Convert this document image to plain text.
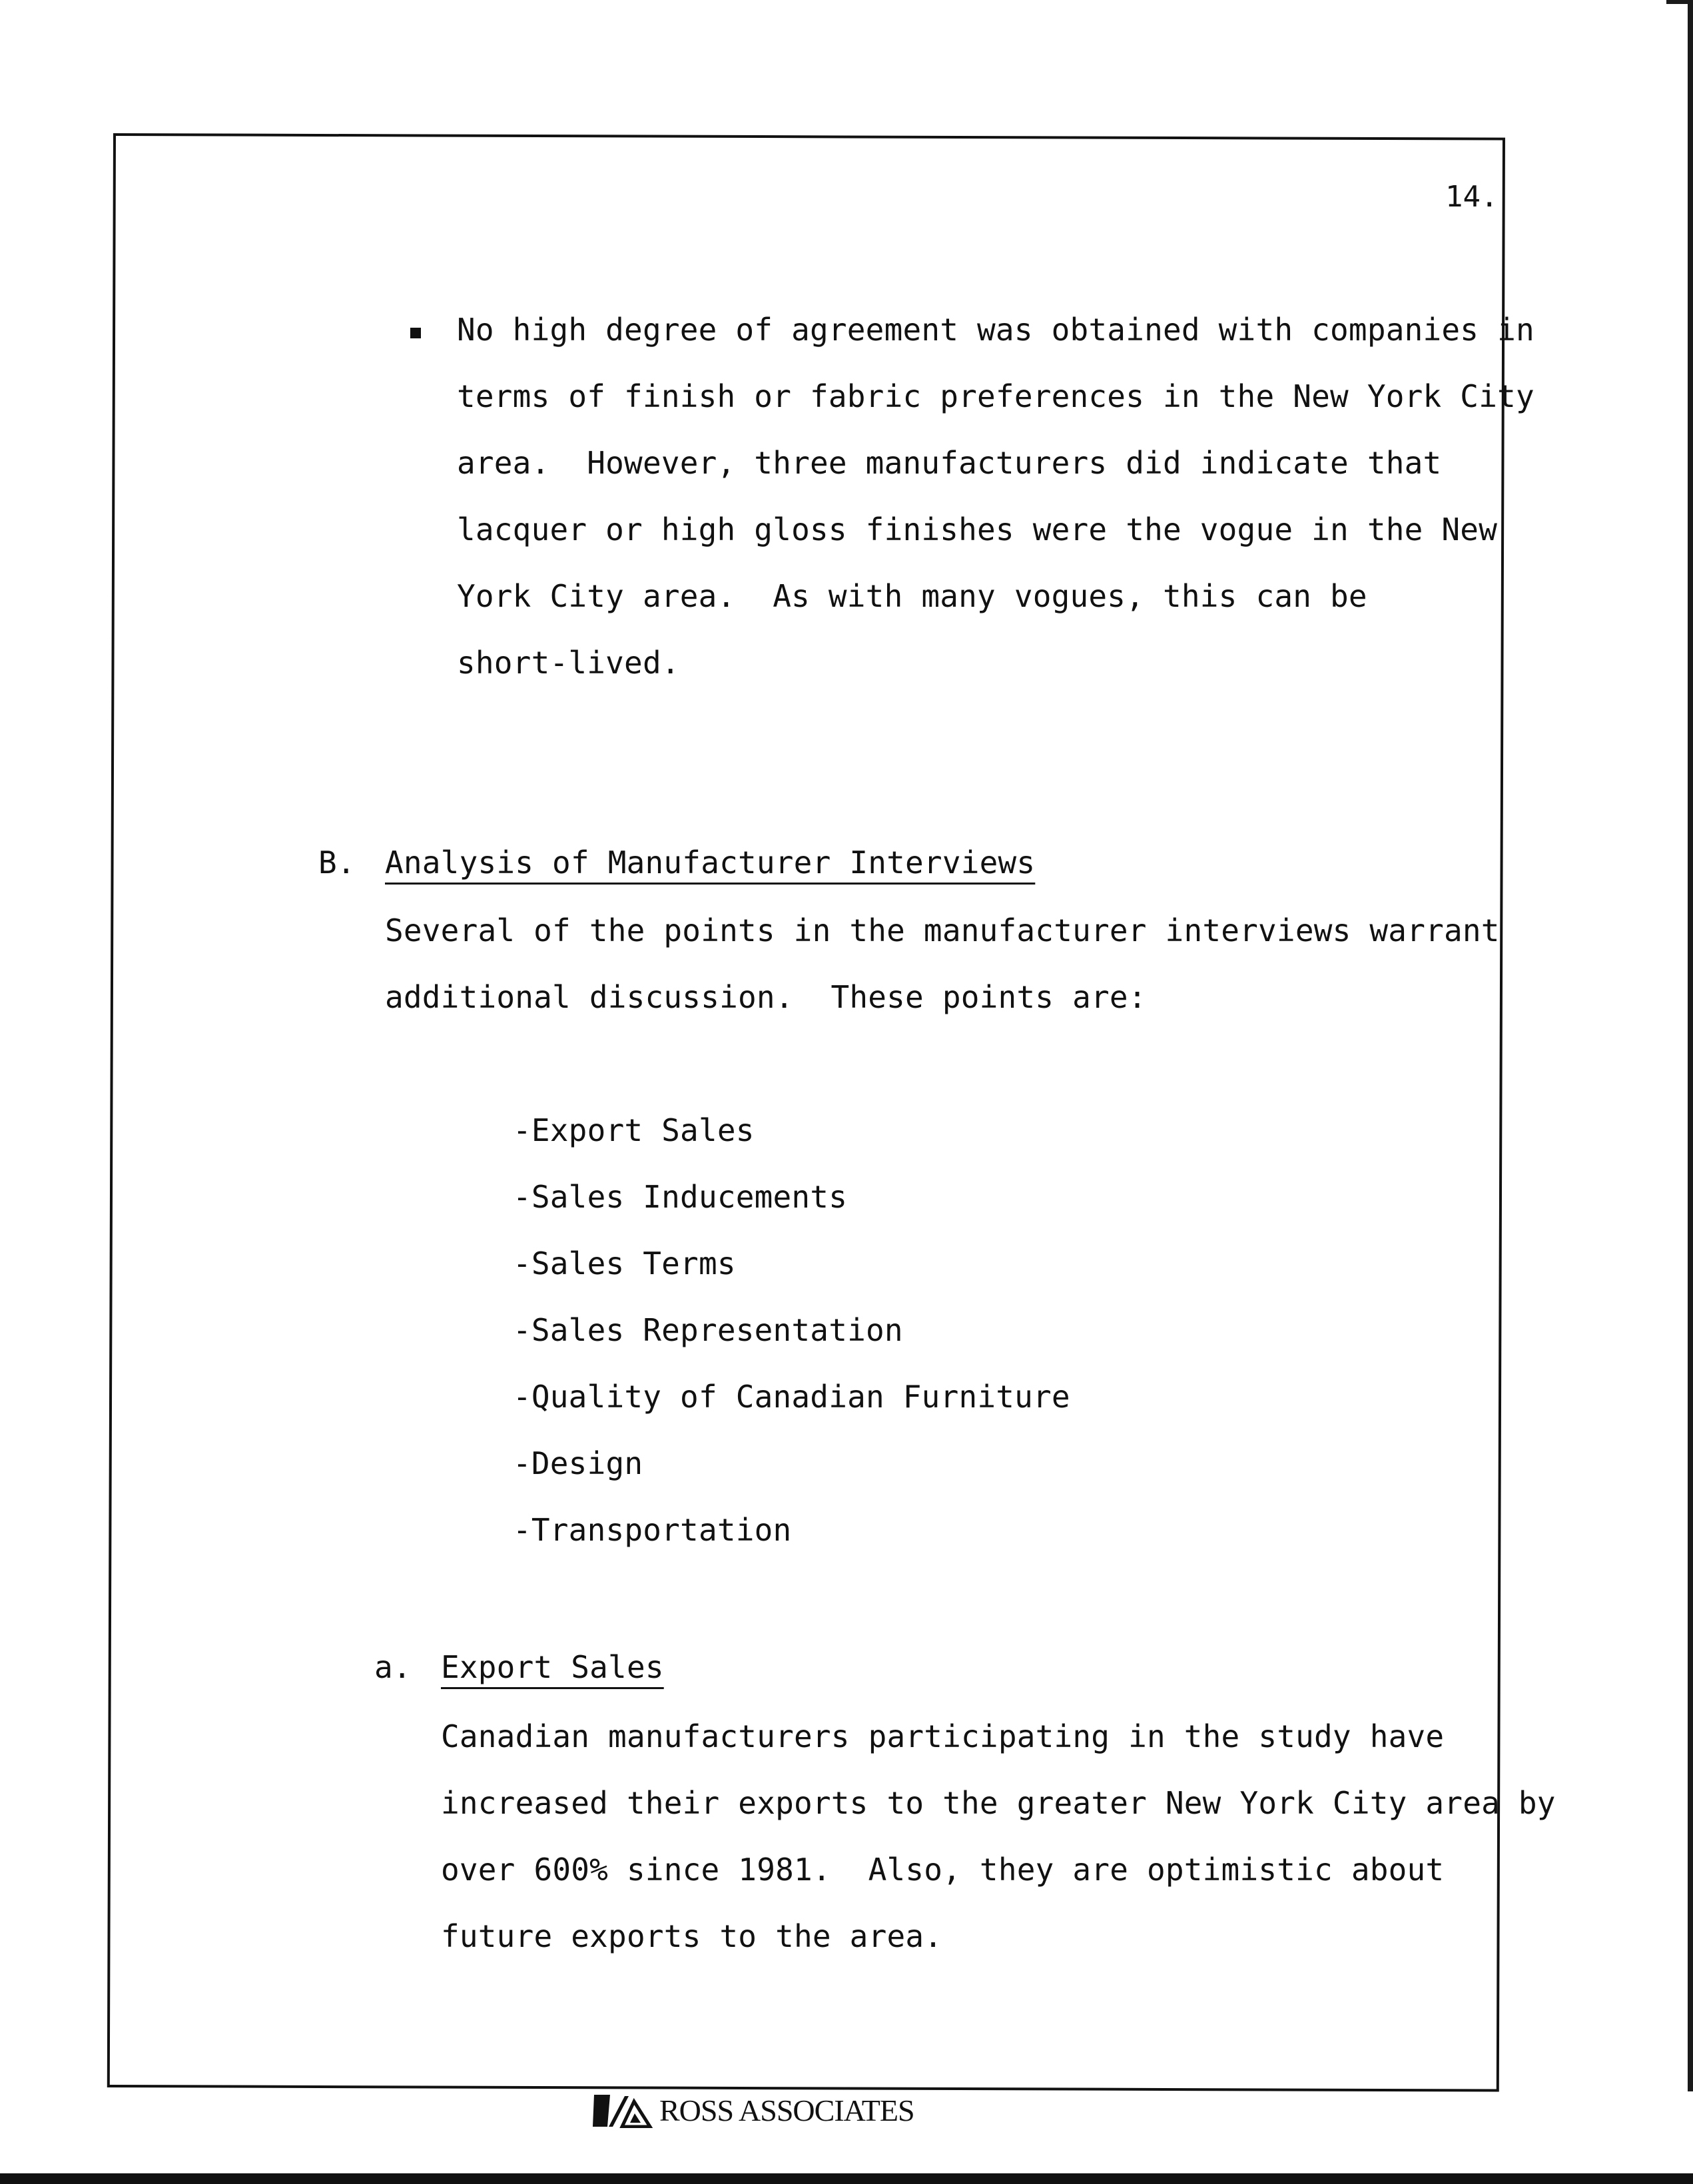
14.
No high degree of agreement was obtained with companies in
terms of finish or fabric preferences in the New York City
area.  However, three manufacturers did indicate that
lacquer or high gloss finishes were the vogue in the New
York City area.  As with many vogues, this can be
short-lived.
B. Analysis of Manufacturer Interviews
Several of the points in the manufacturer interviews warrant
additional discussion.  These points are:
-Export Sales
-Sales Inducements
-Sales Terms
-Sales Representation
-Quality of Canadian Furniture
-Design
-Transportation
a. Export Sales
Canadian manufacturers participating in the study have
increased their exports to the greater New York City area by
over 600% since 1981.  Also, they are optimistic about
future exports to the area.
ROSS ASSOCIATES
